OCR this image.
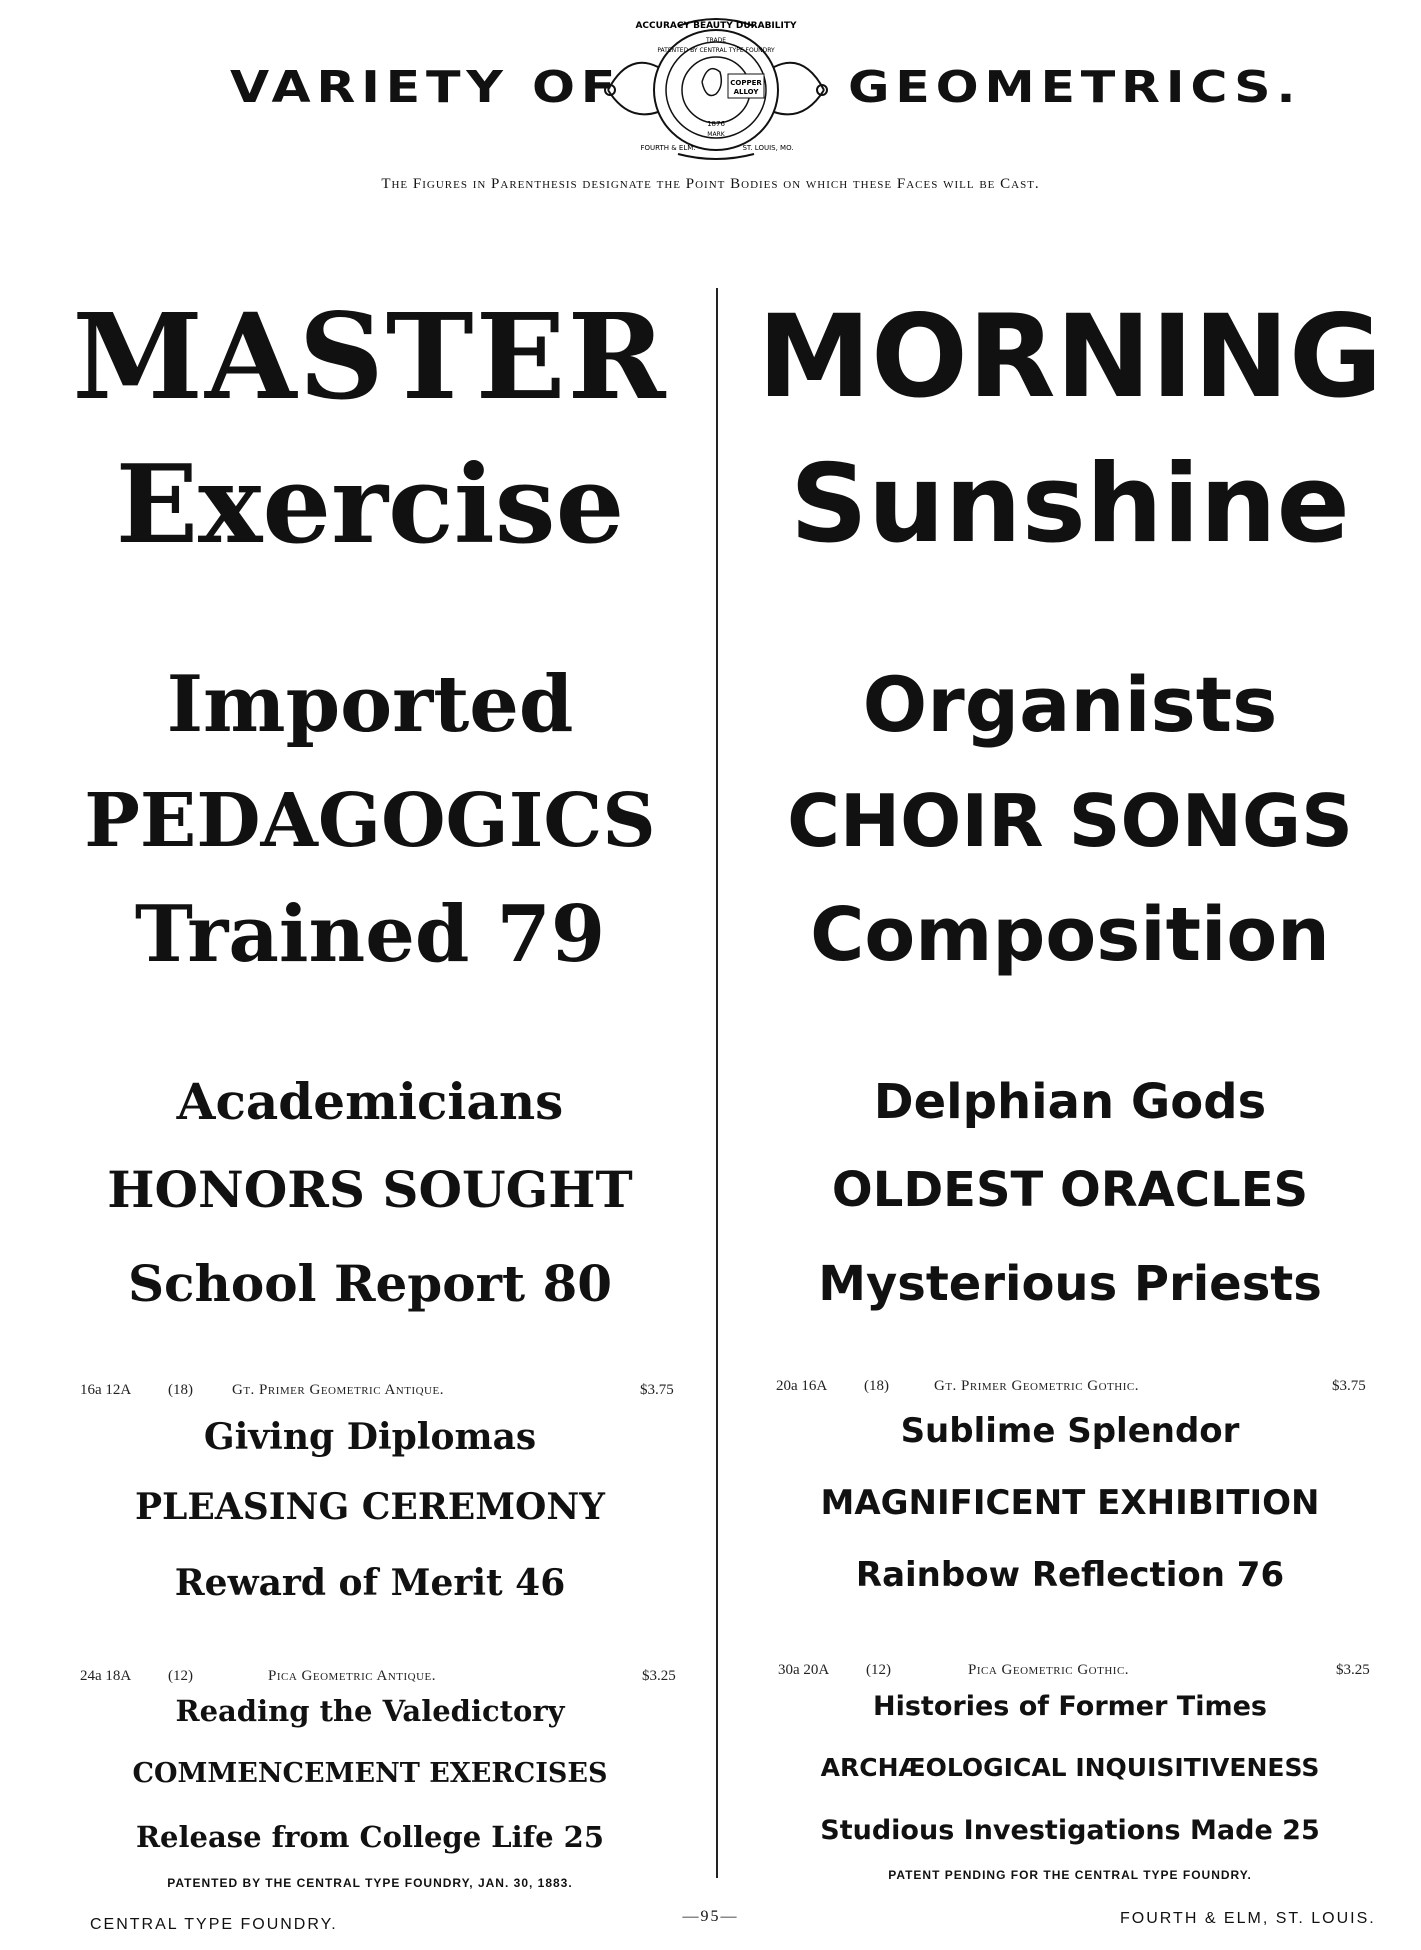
VARIETY OF	GEOMETRICS.
ACCURACY BEAUTY DURABILITY
PATENTED BY CENTRAL TYPE FOUNDRY
TRADE
COPPER
ALLOY
1876
MARK
FOURTH & ELM.	ST. LOUIS, MO.
The Figures in Parenthesis designate the Point Bodies on which these Faces will be Cast.
MASTER
Exercise
Imported
PEDAGOGICS
Trained 79
Academicians
HONORS SOUGHT
School Report 80
16a 12A (18)	Gt. Primer Geometric Antique.	$3.75
Giving Diplomas
PLEASING CEREMONY
Reward of Merit 46
24a 18A (12)	Pica Geometric Antique.	$3.25
Reading the Valedictory
COMMENCEMENT EXERCISES
Release from College Life 25
PATENTED BY THE CENTRAL TYPE FOUNDRY, JAN. 30, 1883.
MORNING
Sunshine
Organists
CHOIR SONGS
Composition
Delphian Gods
OLDEST ORACLES
Mysterious Priests
20a 16A (18)	Gt. Primer Geometric Gothic.	$3.75
Sublime Splendor
MAGNIFICENT EXHIBITION
Rainbow Reflection 76
30a 20A (12)	Pica Geometric Gothic.	$3.25
Histories of Former Times
ARCHÆOLOGICAL INQUISITIVENESS
Studious Investigations Made 25
PATENT PENDING FOR THE CENTRAL TYPE FOUNDRY.
CENTRAL TYPE FOUNDRY.	—95—	FOURTH & ELM, ST. LOUIS.
